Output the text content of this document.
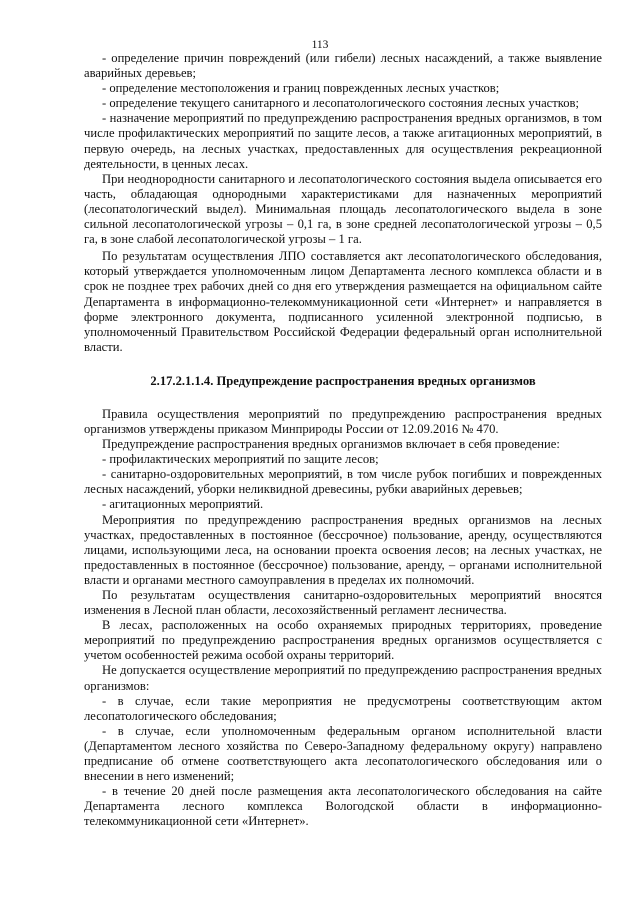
113

- определение причин повреждений (или гибели) лесных насаждений, а также выявление аварийных деревьев;

- определение местоположения и границ поврежденных лесных участков;

- определение текущего санитарного и лесопатологического состояния лесных участков;

- назначение мероприятий по предупреждению распространения вредных организмов, в том числе профилактических мероприятий по защите лесов, а также агитационных мероприятий, в первую очередь, на лесных участках, предоставленных для осуществления рекреационной деятельности, в ценных лесах.

При неоднородности санитарного и лесопатологического состояния выдела описывается его часть, обладающая однородными характеристиками для назначенных мероприятий (лесопатологический выдел). Минимальная площадь лесопатологического выдела в зоне сильной лесопатологической угрозы – 0,1 га, в зоне средней лесопатологической угрозы – 0,5 га, в зоне слабой лесопатологической угрозы – 1 га.

По результатам осуществления ЛПО составляется акт лесопатологического обследования, который утверждается уполномоченным лицом Департамента лесного комплекса области и в срок не позднее трех рабочих дней со дня его утверждения размещается на официальном сайте Департамента в информационно-телекоммуникационной сети «Интернет» и направляется в форме электронного документа, подписанного усиленной электронной подписью, в уполномоченный Правительством Российской Федерации федеральный орган исполнительной власти.

2.17.2.1.1.4. Предупреждение распространения вредных организмов

Правила осуществления мероприятий по предупреждению распространения вредных организмов утверждены приказом Минприроды России от 12.09.2016 № 470.

Предупреждение распространения вредных организмов включает в себя проведение:

- профилактических мероприятий по защите лесов;

- санитарно-оздоровительных мероприятий, в том числе рубок погибших и поврежденных лесных насаждений, уборки неликвидной древесины, рубки аварийных деревьев;

- агитационных мероприятий.

Мероприятия по предупреждению распространения вредных организмов на лесных участках, предоставленных в постоянное (бессрочное) пользование, аренду, осуществляются лицами, использующими леса, на основании проекта освоения лесов; на лесных участках, не предоставленных в постоянное (бессрочное) пользование, аренду, – органами исполнительной власти и органами местного самоуправления в пределах их полномочий.

По результатам осуществления санитарно-оздоровительных мероприятий вносятся изменения в Лесной план области, лесохозяйственный регламент лесничества.

В лесах, расположенных на особо охраняемых природных территориях, проведение мероприятий по предупреждению распространения вредных организмов осуществляется с учетом особенностей режима особой охраны территорий.

Не допускается осуществление мероприятий по предупреждению распространения вредных организмов:

- в случае, если такие мероприятия не предусмотрены соответствующим актом лесопатологического обследования;

- в случае, если уполномоченным федеральным органом исполнительной власти (Департаментом лесного хозяйства по Северо-Западному федеральному округу) направлено предписание об отмене соответствующего акта лесопатологического обследования или о внесении в него изменений;

- в течение 20 дней после размещения акта лесопатологического обследования на сайте Департамента лесного комплекса Вологодской области в информационно-телекоммуникационной сети «Интернет».
